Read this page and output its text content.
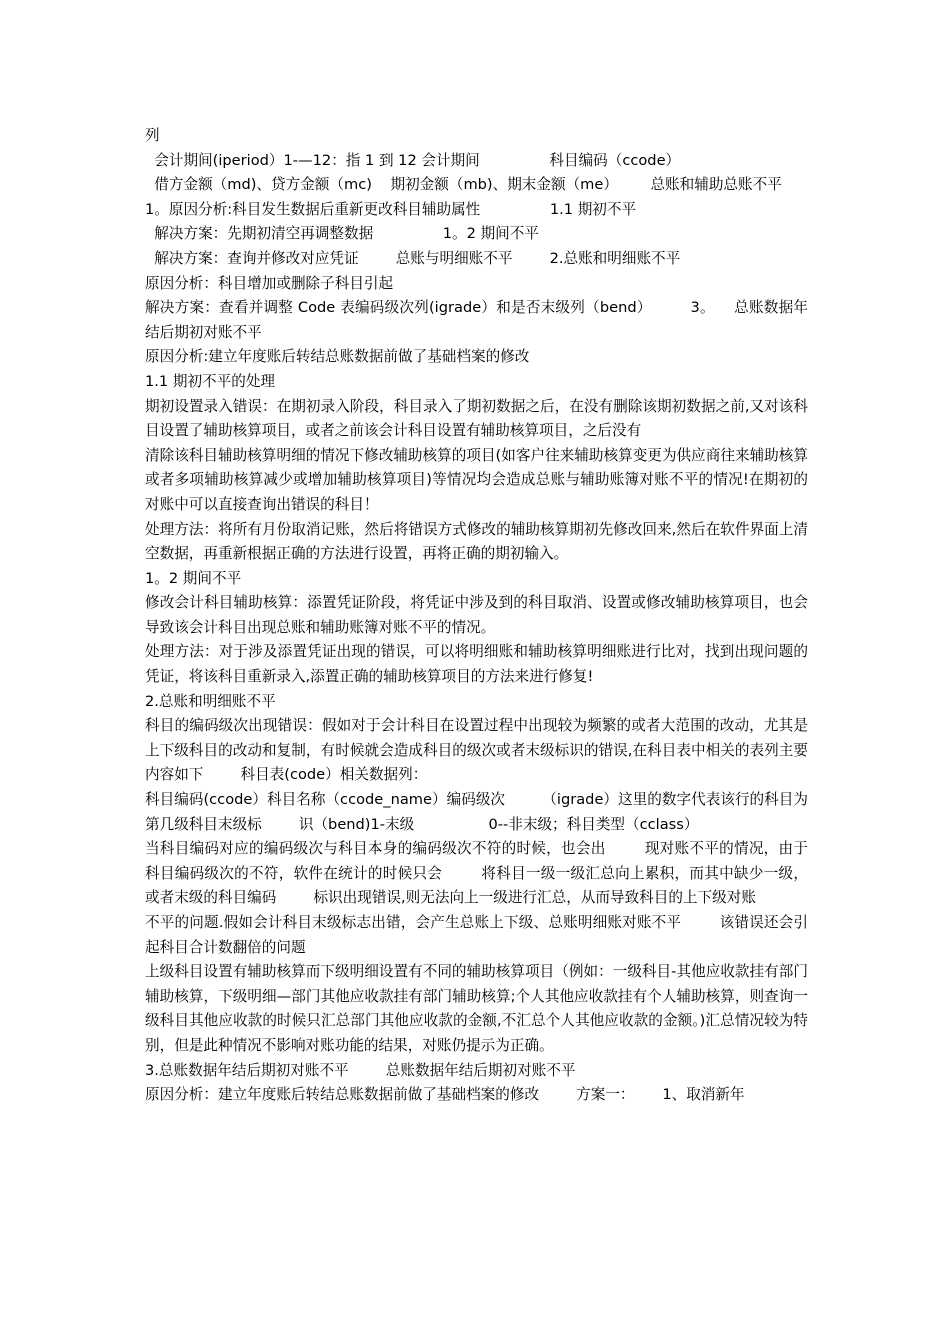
列

会计期间(iperiod）1-—12：指 1 到 12 会计期间               科目编码（ccode）

借方金额（md)、贷方金额（mc)    期初金额（mb)、期末金额（me）       总账和辅助总账不平

1。原因分析:科目发生数据后重新更改科目辅助属性               1.1 期初不平

解决方案：先期初清空再调整数据               1。2 期间不平

解决方案：查询并修改对应凭证        总账与明细账不平        2.总账和明细账不平

原因分析：科目增加或删除子科目引起

解决方案：查看并调整 Code 表编码级次列(igrade）和是否末级列（bend）        3。    总账数据年结后期初对账不平

原因分析:建立年度账后转结总账数据前做了基础档案的修改

1.1 期初不平的处理

期初设置录入错误：在期初录入阶段，科目录入了期初数据之后，在没有删除该期初数据之前,又对该科目设置了辅助核算项目，或者之前该会计科目设置有辅助核算项目，之后没有

清除该科目辅助核算明细的情况下修改辅助核算的项目(如客户往来辅助核算变更为供应商往来辅助核算或者多项辅助核算减少或增加辅助核算项目)等情况均会造成总账与辅助账簿对账不平的情况!在期初的对账中可以直接查询出错误的科目！

处理方法：将所有月份取消记账，然后将错误方式修改的辅助核算期初先修改回来,然后在软件界面上清空数据，再重新根据正确的方法进行设置，再将正确的期初输入。

1。2 期间不平

修改会计科目辅助核算：添置凭证阶段，将凭证中涉及到的科目取消、设置或修改辅助核算项目，也会导致该会计科目出现总账和辅助账簿对账不平的情况。

处理方法：对于涉及添置凭证出现的错误，可以将明细账和辅助核算明细账进行比对，找到出现问题的凭证，将该科目重新录入,添置正确的辅助核算项目的方法来进行修复!

2.总账和明细账不平

科目的编码级次出现错误：假如对于会计科目在设置过程中出现较为频繁的或者大范围的改动，尤其是上下级科目的改动和复制，有时候就会造成科目的级次或者末级标识的错误,在科目表中相关的表列主要内容如下        科目表(code）相关数据列：

科目编码(ccode）科目名称（ccode_name）编码级次        （igrade）这里的数字代表该行的科目为第几级科目末级标        识（bend)1-末级                0--非末级；科目类型（cclass）

当科目编码对应的编码级次与科目本身的编码级次不符的时候，也会出        现对账不平的情况，由于科目编码级次的不符，软件在统计的时候只会        将科目一级一级汇总向上累积，而其中缺少一级，或者末级的科目编码        标识出现错误,则无法向上一级进行汇总，从而导致科目的上下级对账

不平的问题.假如会计科目末级标志出错，会产生总账上下级、总账明细账对账不平        该错误还会引起科目合计数翻倍的问题

上级科目设置有辅助核算而下级明细设置有不同的辅助核算项目（例如：一级科目-其他应收款挂有部门辅助核算，下级明细—部门其他应收款挂有部门辅助核算;个人其他应收款挂有个人辅助核算，则查询一级科目其他应收款的时候只汇总部门其他应收款的金额,不汇总个人其他应收款的金额。)汇总情况较为特别，但是此种情况不影响对账功能的结果，对账仍提示为正确。

3.总账数据年结后期初对账不平        总账数据年结后期初对账不平

原因分析：建立年度账后转结总账数据前做了基础档案的修改        方案一：      1、取消新年
